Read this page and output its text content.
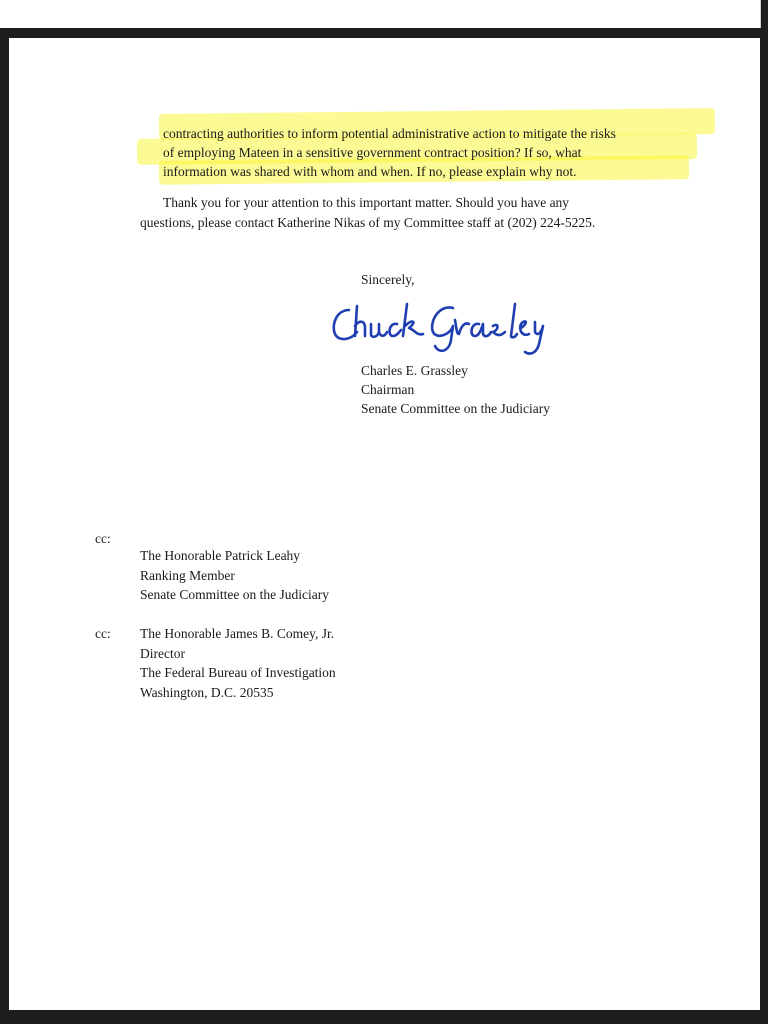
contracting authorities to inform potential administrative action to mitigate the risks
of employing Mateen in a sensitive government contract position? If so, what
information was shared with whom and when. If no, please explain why not.
Thank you for your attention to this important matter. Should you have any
questions, please contact Katherine Nikas of my Committee staff at (202) 224-5225.
Sincerely,
Charles E. Grassley
Chairman
Senate Committee on the Judiciary
cc:
The Honorable Patrick Leahy
Ranking Member
Senate Committee on the Judiciary
cc: The Honorable James B. Comey, Jr.
Director
The Federal Bureau of Investigation
Washington, D.C. 20535
